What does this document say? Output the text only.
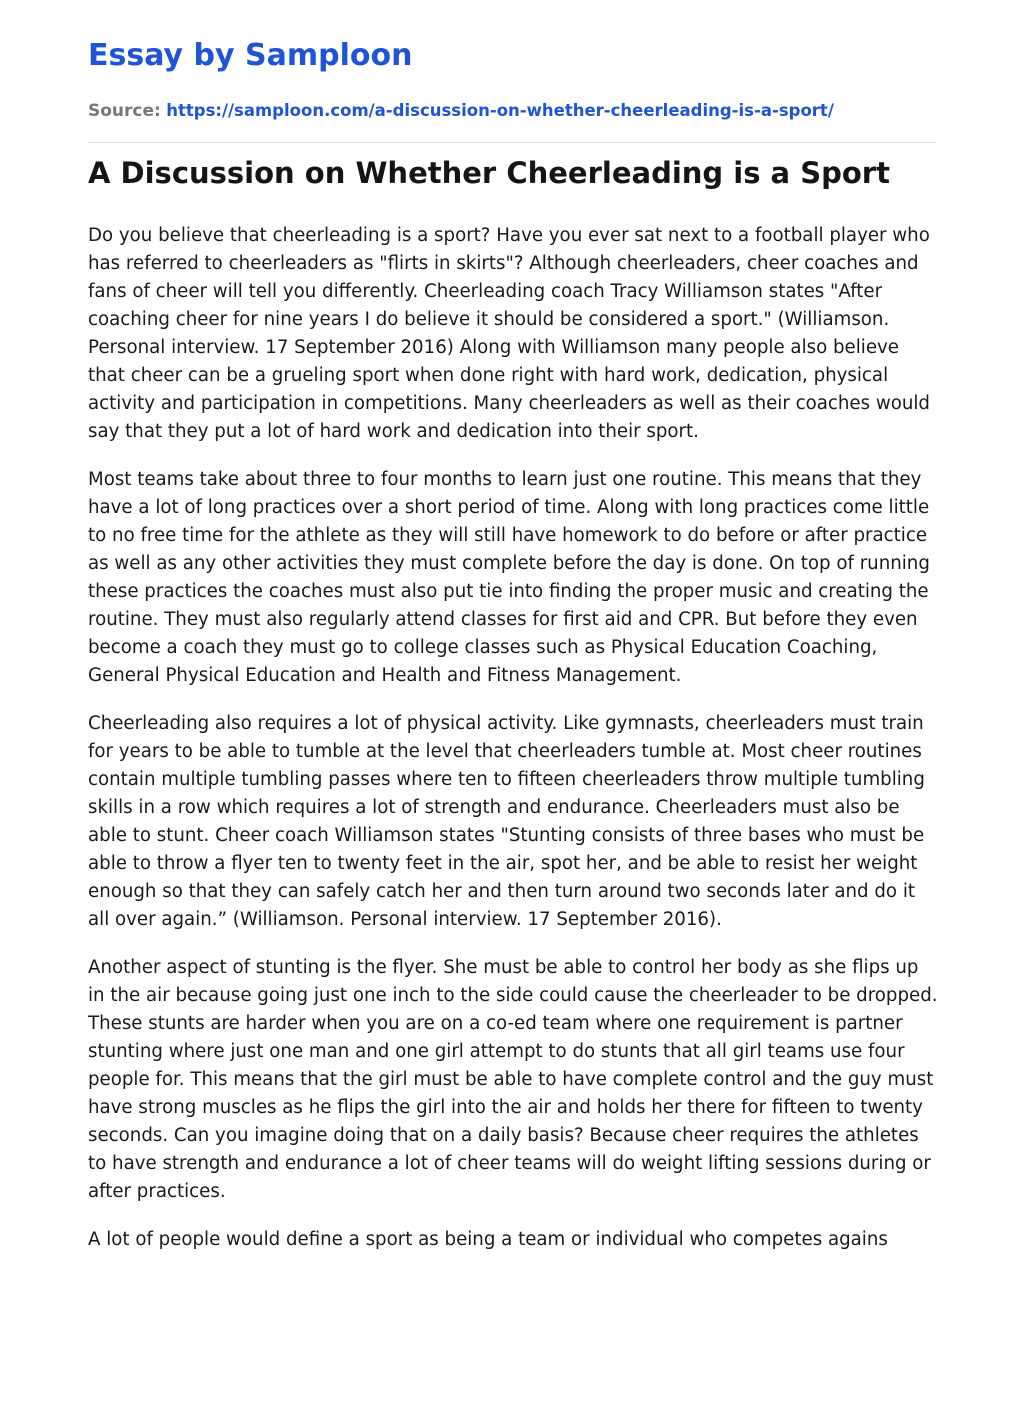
Essay by Samploon
Source: https://samploon.com/a-discussion-on-whether-cheerleading-is-a-sport/
A Discussion on Whether Cheerleading is a Sport

Do you believe that cheerleading is a sport? Have you ever sat next to a football player who has referred to cheerleaders as "flirts in skirts"? Although cheerleaders, cheer coaches and fans of cheer will tell you differently. Cheerleading coach Tracy Williamson states "After coaching cheer for nine years I do believe it should be considered a sport." (Williamson. Personal interview. 17 September 2016) Along with Williamson many people also believe that cheer can be a grueling sport when done right with hard work, dedication, physical activity and participation in competitions. Many cheerleaders as well as their coaches would say that they put a lot of hard work and dedication into their sport.

Most teams take about three to four months to learn just one routine. This means that they have a lot of long practices over a short period of time. Along with long practices come little to no free time for the athlete as they will still have homework to do before or after practice as well as any other activities they must complete before the day is done. On top of running these practices the coaches must also put tie into finding the proper music and creating the routine. They must also regularly attend classes for first aid and CPR. But before they even become a coach they must go to college classes such as Physical Education Coaching, General Physical Education and Health and Fitness Management.

Cheerleading also requires a lot of physical activity. Like gymnasts, cheerleaders must train for years to be able to tumble at the level that cheerleaders tumble at. Most cheer routines contain multiple tumbling passes where ten to fifteen cheerleaders throw multiple tumbling skills in a row which requires a lot of strength and endurance. Cheerleaders must also be able to stunt. Cheer coach Williamson states "Stunting consists of three bases who must be able to throw a flyer ten to twenty feet in the air, spot her, and be able to resist her weight enough so that they can safely catch her and then turn around two seconds later and do it all over again.” (Williamson. Personal interview. 17 September 2016).

Another aspect of stunting is the flyer. She must be able to control her body as she flips up in the air because going just one inch to the side could cause the cheerleader to be dropped. These stunts are harder when you are on a co-ed team where one requirement is partner stunting where just one man and one girl attempt to do stunts that all girl teams use four people for. This means that the girl must be able to have complete control and the guy must have strong muscles as he flips the girl into the air and holds her there for fifteen to twenty seconds. Can you imagine doing that on a daily basis? Because cheer requires the athletes to have strength and endurance a lot of cheer teams will do weight lifting sessions during or after practices.

A lot of people would define a sport as being a team or individual who competes agains
